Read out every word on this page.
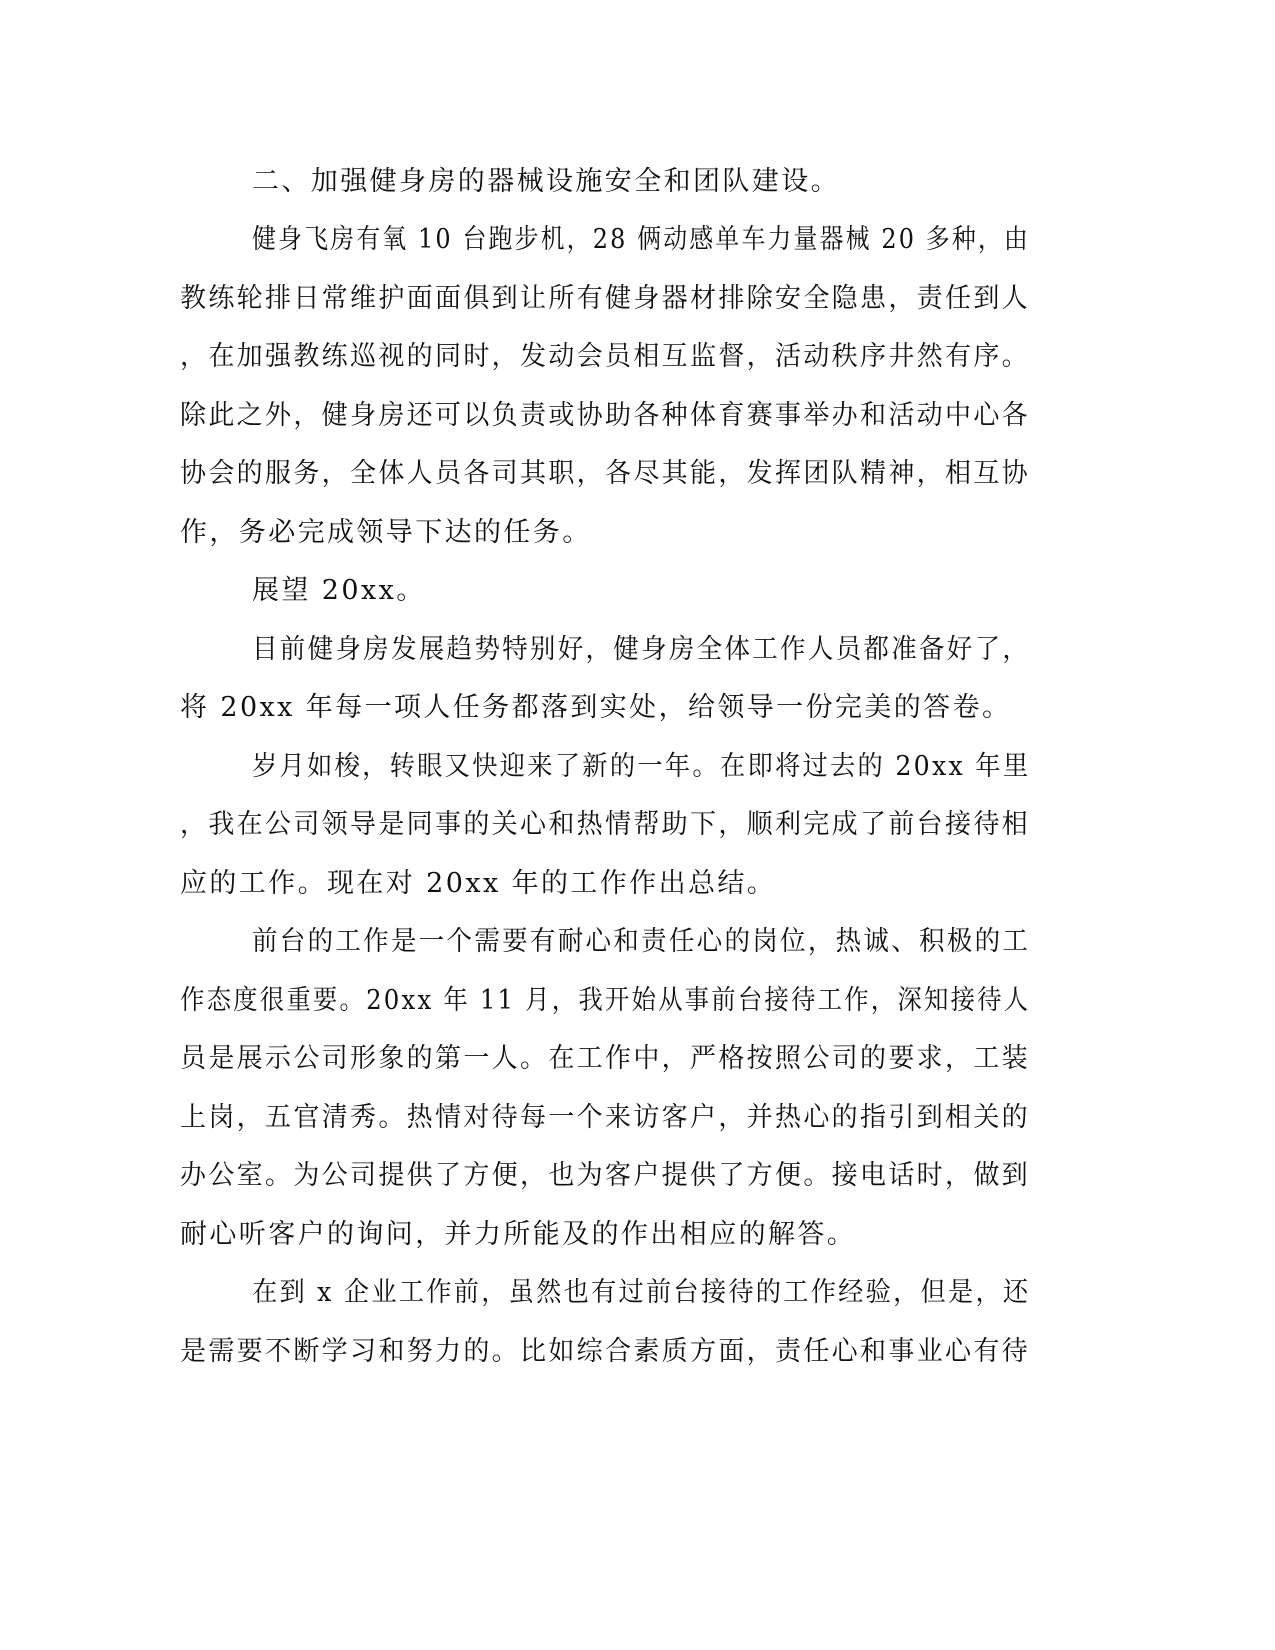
二、加强健身房的器械设施安全和团队建设。
健身飞房有氧 10 台跑步机，28 俩动感单车力量器械 20 多种，由
教练轮排日常维护面面俱到让所有健身器材排除安全隐患，责任到人
，在加强教练巡视的同时，发动会员相互监督，活动秩序井然有序。
除此之外，健身房还可以负责或协助各种体育赛事举办和活动中心各
协会的服务，全体人员各司其职，各尽其能，发挥团队精神，相互协
作，务必完成领导下达的任务。
展望 20xx。
目前健身房发展趋势特别好，健身房全体工作人员都准备好了，
将 20xx 年每一项人任务都落到实处，给领导一份完美的答卷。
岁月如梭，转眼又快迎来了新的一年。在即将过去的 20xx 年里
，我在公司领导是同事的关心和热情帮助下，顺利完成了前台接待相
应的工作。现在对 20xx 年的工作作出总结。
前台的工作是一个需要有耐心和责任心的岗位，热诚、积极的工
作态度很重要。20xx 年 11 月，我开始从事前台接待工作，深知接待人
员是展示公司形象的第一人。在工作中，严格按照公司的要求，工装
上岗，五官清秀。热情对待每一个来访客户，并热心的指引到相关的
办公室。为公司提供了方便，也为客户提供了方便。接电话时，做到
耐心听客户的询问，并力所能及的作出相应的解答。
在到 x 企业工作前，虽然也有过前台接待的工作经验，但是，还
是需要不断学习和努力的。比如综合素质方面，责任心和事业心有待
